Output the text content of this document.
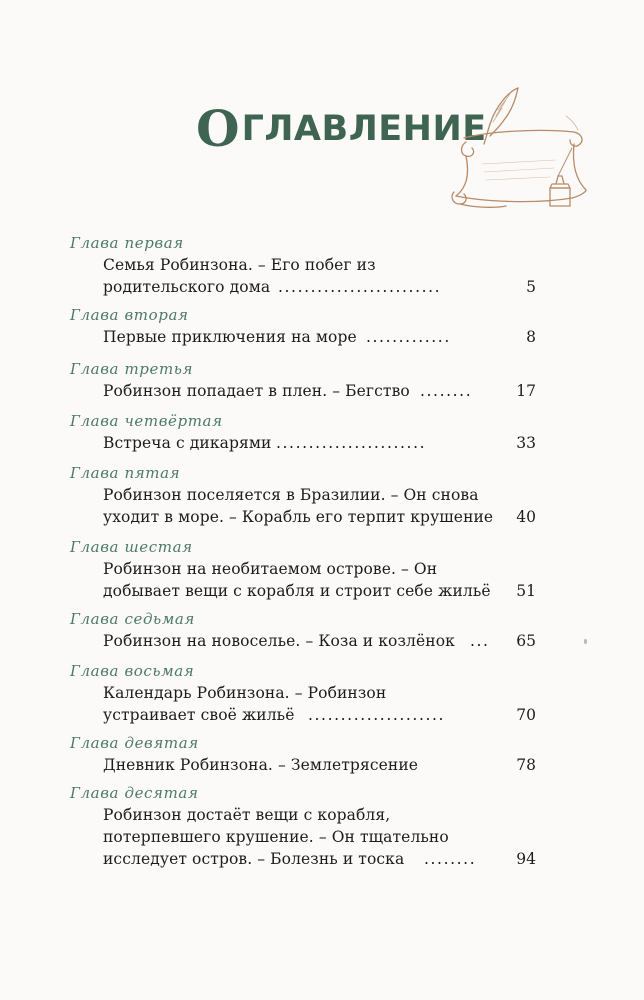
О ГЛАВЛЕНИЕ
Глава первая
Семья Робинзона. – Его побег из
родительского дома .........................	5
Глава вторая
Первые приключения на море .............	8
Глава третья
Робинзон попадает в плен. – Бегство ........	17
Глава четвёртая
Встреча с дикарями .......................	33
Глава пятая
Робинзон поселяется в Бразилии. – Он снова
уходит в море. – Корабль его терпит крушение 40
Глава шестая
Робинзон на необитаемом острове. – Он
добывает вещи с корабля и строит себе жильё 51
Глава седьмая
Робинзон на новоселье. – Коза и козлёнок ... 65
Глава восьмая
Календарь Робинзона. – Робинзон
устраивает своё жильё .....................	70
Глава девятая
Дневник Робинзона. – Землетрясение	78
Глава десятая
Робинзон достаёт вещи с корабля,
потерпевшего крушение. – Он тщательно
исследует остров. – Болезнь и тоска ........	94
